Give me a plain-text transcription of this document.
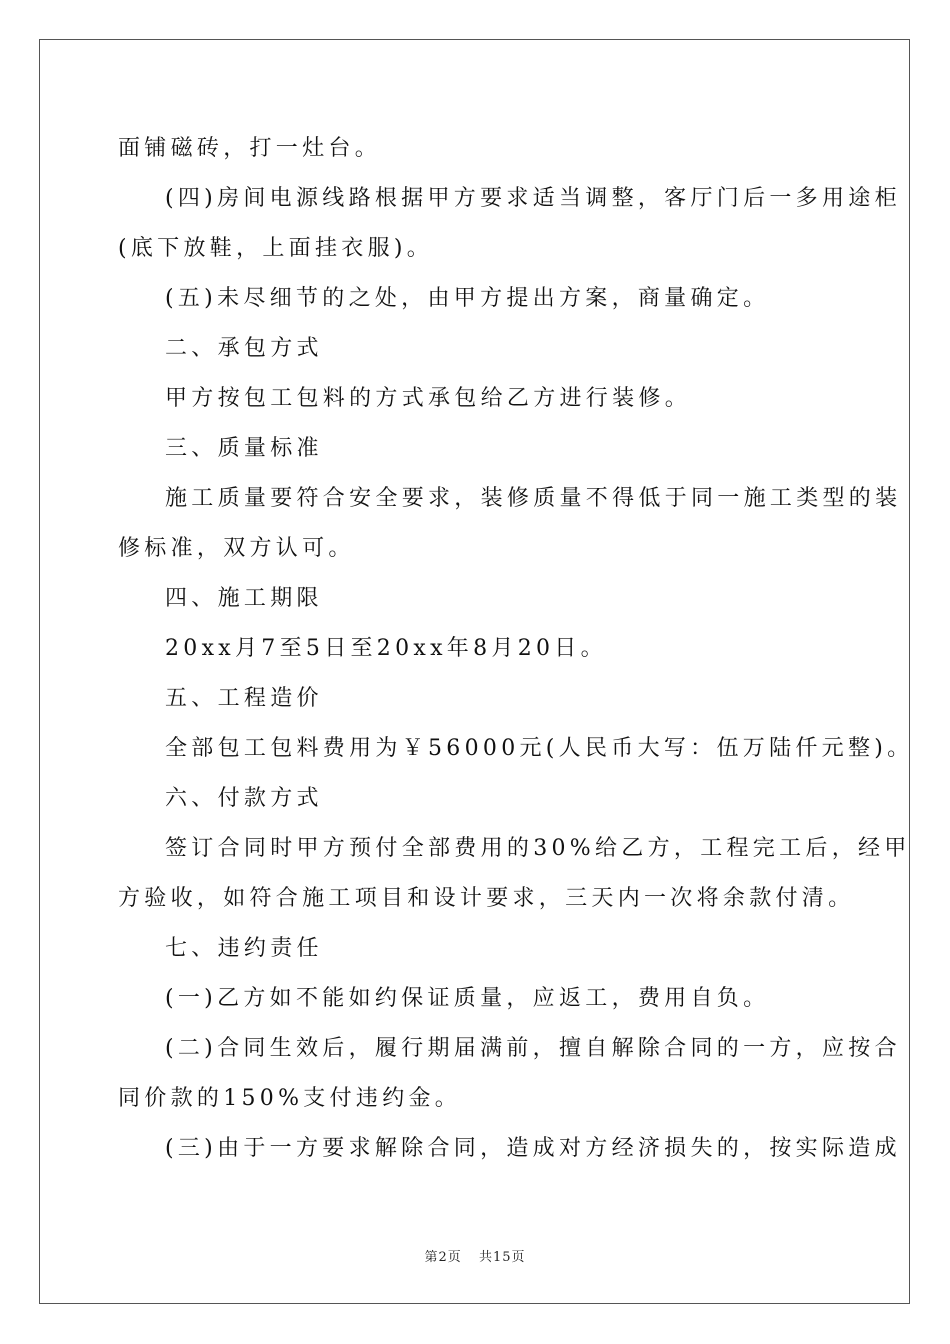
面铺磁砖，打一灶台。
(四)房间电源线路根据甲方要求适当调整，客厅门后一多用途柜
(底下放鞋，上面挂衣服)。
(五)未尽细节的之处，由甲方提出方案，商量确定。
二、承包方式
甲方按包工包料的方式承包给乙方进行装修。
三、质量标准
施工质量要符合安全要求，装修质量不得低于同一施工类型的装
修标准，双方认可。
四、施工期限
20xx月7至5日至20xx年8月20日。
五、工程造价
全部包工包料费用为￥56000元(人民币大写：伍万陆仟元整)。
六、付款方式
签订合同时甲方预付全部费用的30%给乙方，工程完工后，经甲
方验收，如符合施工项目和设计要求，三天内一次将余款付清。
七、违约责任
(一)乙方如不能如约保证质量，应返工，费用自负。
(二)合同生效后，履行期届满前，擅自解除合同的一方，应按合
同价款的150%支付违约金。
(三)由于一方要求解除合同，造成对方经济损失的，按实际造成
第2页 共15页
